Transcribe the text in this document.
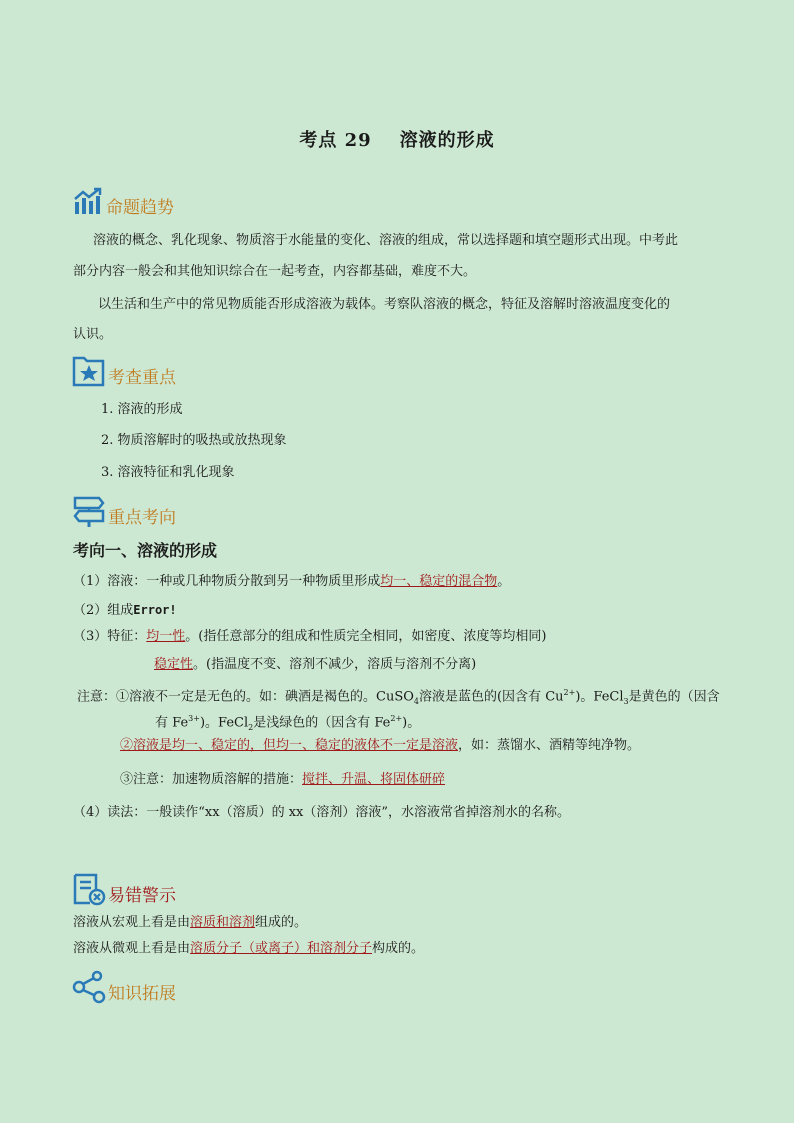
考点 29 溶液的形成
命题趋势
溶液的概念、乳化现象、物质溶于水能量的变化、溶液的组成，常以选择题和填空题形式出现。中考此
部分内容一般会和其他知识综合在一起考查，内容都基础，难度不大。
以生活和生产中的常见物质能否形成溶液为载体。考察队溶液的概念，特征及溶解时溶液温度变化的
认识。
考查重点
1. 溶液的形成
2. 物质溶解时的吸热或放热现象
3. 溶液特征和乳化现象
重点考向
考向一、溶液的形成
（1）溶液：一种或几种物质分散到另一种物质里形成均一、稳定的混合物。
（2）组成Error!
（3）特征：均一性。(指任意部分的组成和性质完全相同，如密度、浓度等均相同)
稳定性。(指温度不变、溶剂不减少，溶质与溶剂不分离)
注意：①溶液不一定是无色的。如：碘酒是褐色的。CuSO$_4$溶液是蓝色的(因含有 $Cu^{2+}$)。FeCl$_3$是黄色的（因含
有 $Fe^{3+}$)。FeCl$_2$是浅绿色的（因含有 $Fe^{2+}$)。
②溶液是均一、稳定的，但均一、稳定的液体不一定是溶液，如：蒸馏水、酒精等纯净物。
③注意：加速物质溶解的措施：搅拌、升温、将固体研碎
（4）读法：一般读作“xx（溶质）的 xx（溶剂）溶液”，水溶液常省掉溶剂水的名称。
易错警示
溶液从宏观上看是由溶质和溶剂组成的。
溶液从微观上看是由溶质分子（或离子）和溶剂分子构成的。
知识拓展
